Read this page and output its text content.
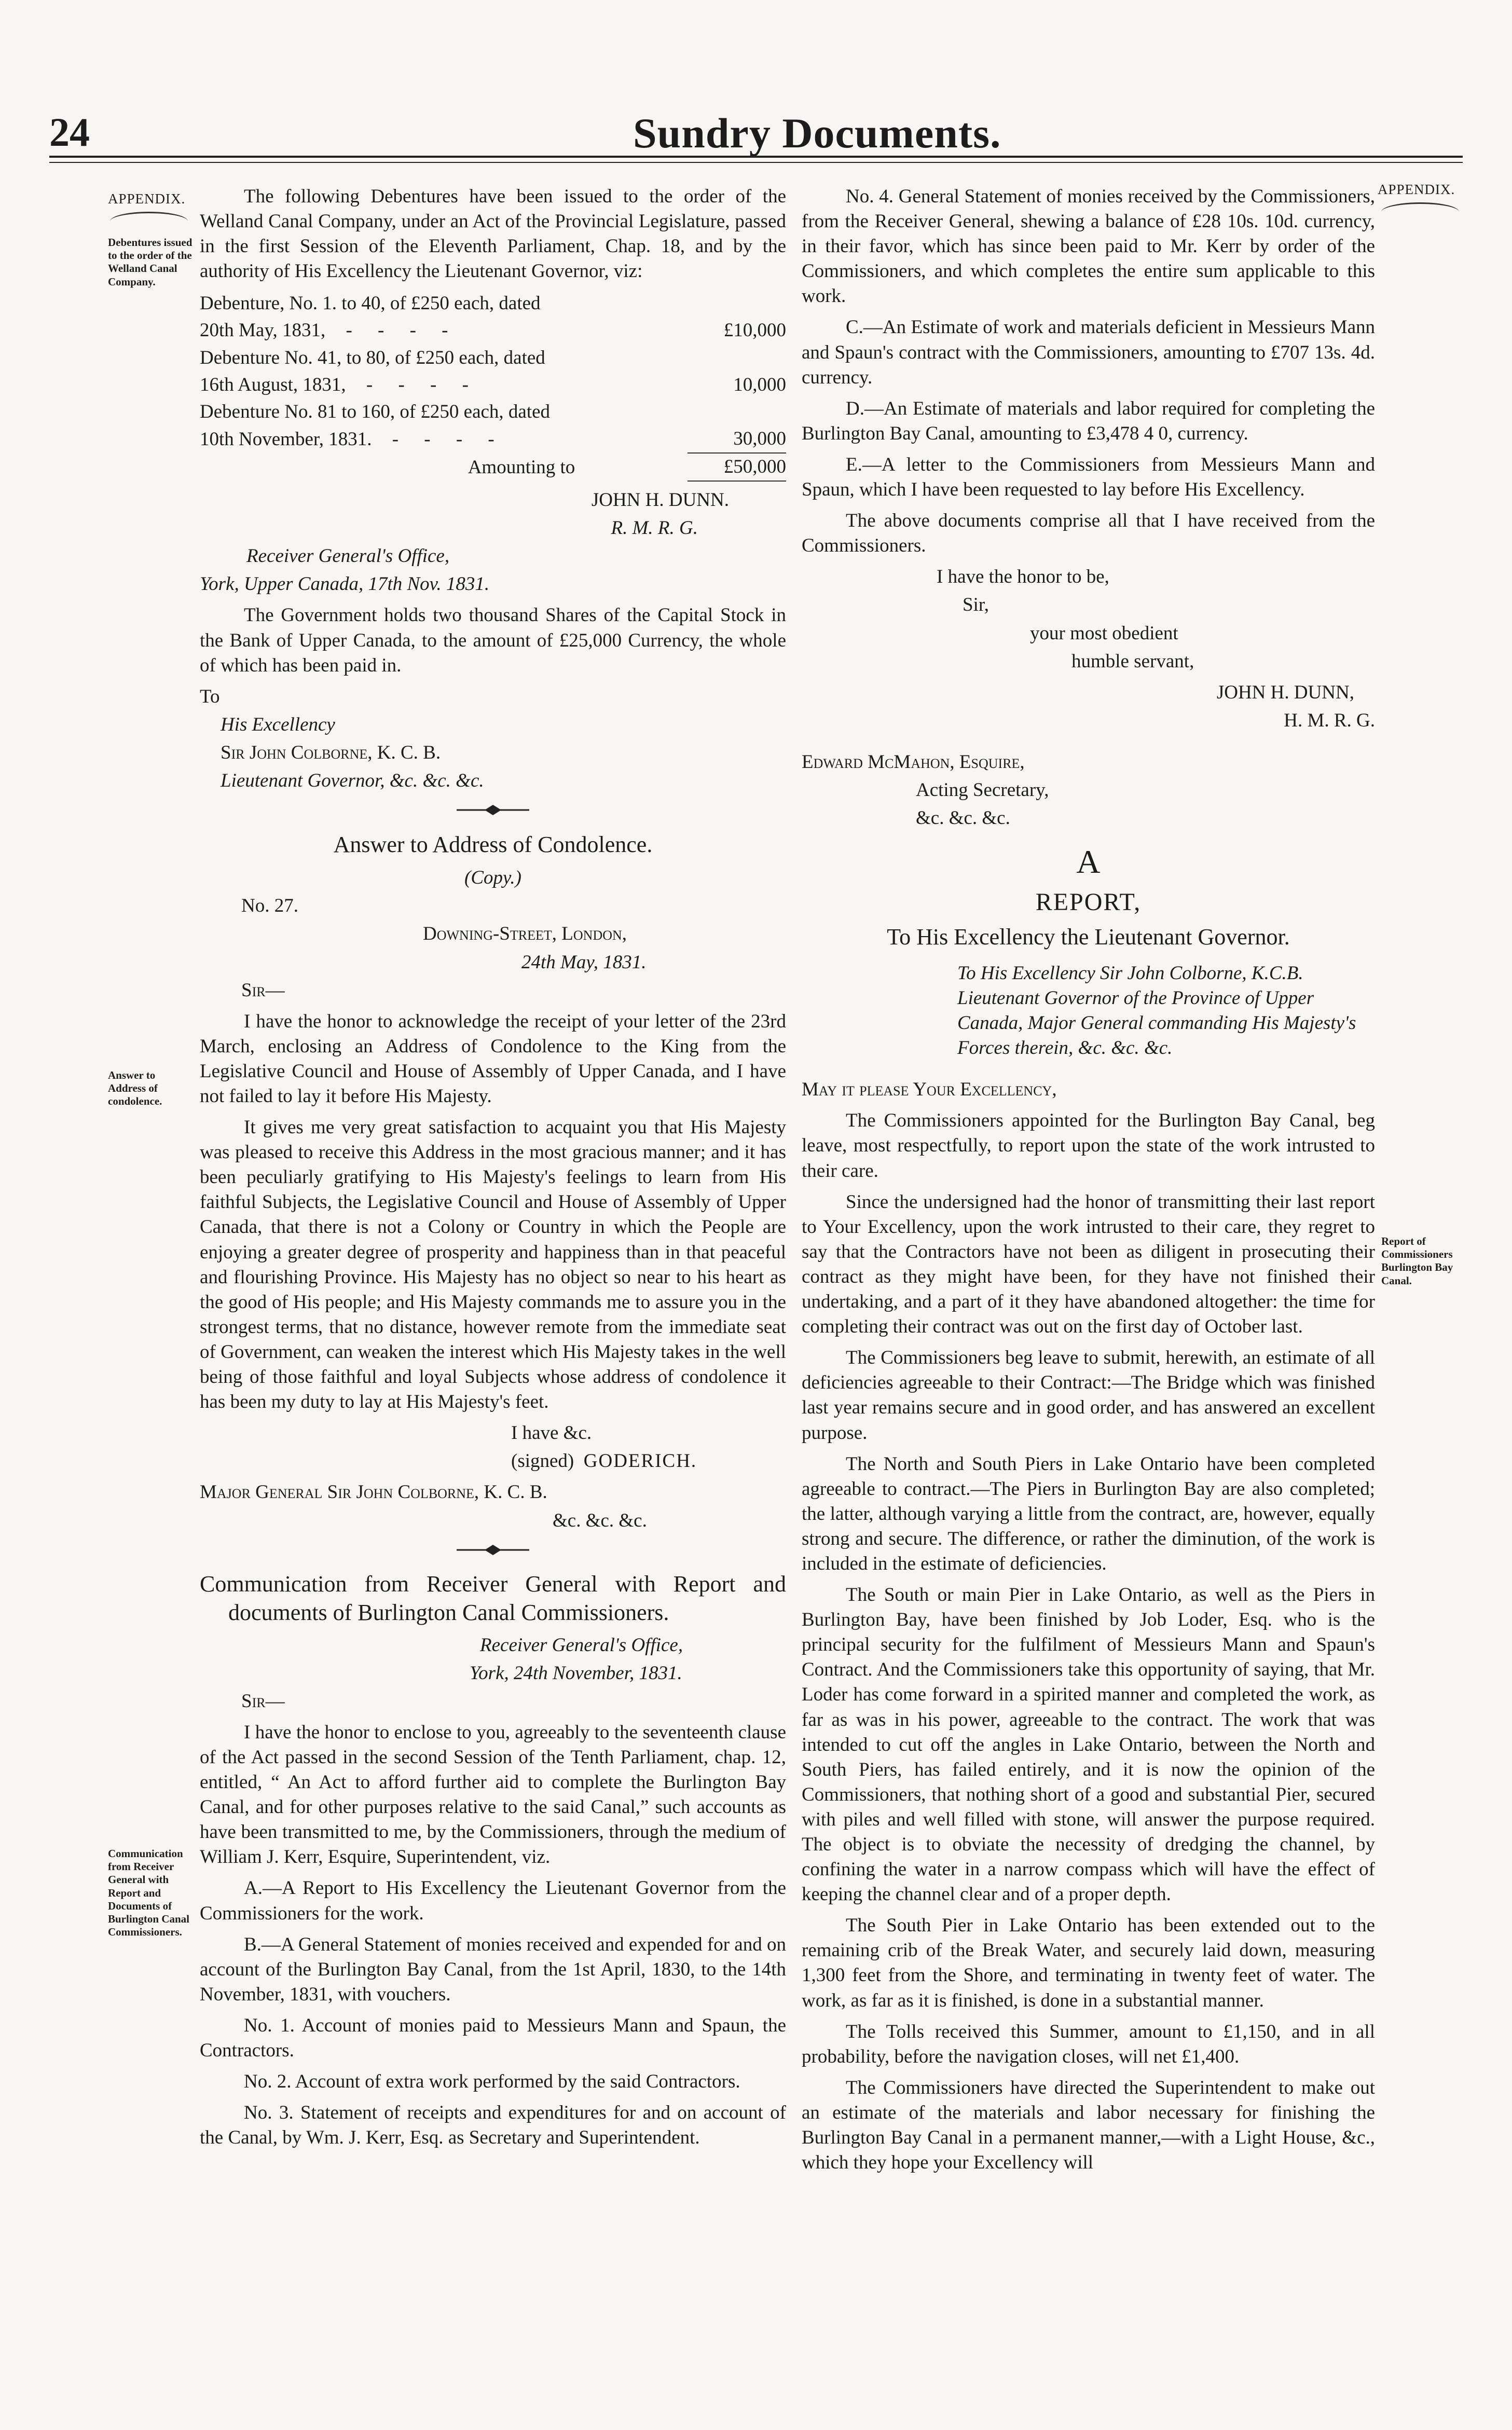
24	Sundry Documents.
APPENDIX.
APPENDIX.
Debentures issued to the order of the Welland Canal Company.
Answer to Address of condolence.
Communication from Receiver General with Report and Documents of Burlington Canal Commissioners.
Report of Commissioners Burlington Bay Canal.

The following Debentures have been issued to the order of the Welland Canal Company, under an Act of the Provincial Legislature, passed in the first Session of the Eleventh Parliament, Chap. 18, and by the authority of His Excellency the Lieutenant Governor, viz:

Debenture, No. 1. to 40, of £250 each, dated	
20th May, 1831, - - - -	£10,000
Debenture No. 41, to 80, of £250 each, dated	
16th August, 1831, - - - -	10,000
Debenture No. 81 to 160, of £250 each, dated	
10th November, 1831. - - - -	30,000
Amounting to	£50,000

JOHN H. DUNN.

R. M. R. G.

Receiver General's Office,

York, Upper Canada, 17th Nov. 1831.

The Government holds two thousand Shares of the Capital Stock in the Bank of Upper Canada, to the amount of £25,000 Currency, the whole of which has been paid in.

To

His Excellency

Sir John Colborne, K. C. B.

Lieutenant Governor, &c. &c. &c.

Answer to Address of Condolence.

(Copy.)

No. 27.

Downing-Street, London,

24th May, 1831.

Sir—

I have the honor to acknowledge the receipt of your letter of the 23rd March, enclosing an Address of Condolence to the King from the Legislative Council and House of Assembly of Upper Canada, and I have not failed to lay it before His Majesty.

It gives me very great satisfaction to acquaint you that His Majesty was pleased to receive this Address in the most gracious manner; and it has been peculiarly gratifying to His Majesty's feelings to learn from His faithful Subjects, the Legislative Council and House of Assembly of Upper Canada, that there is not a Colony or Country in which the People are enjoying a greater degree of prosperity and happiness than in that peaceful and flourishing Province. His Majesty has no object so near to his heart as the good of His people; and His Majesty commands me to assure you in the strongest terms, that no distance, however remote from the immediate seat of Government, can weaken the interest which His Majesty takes in the well being of those faithful and loyal Subjects whose address of condolence it has been my duty to lay at His Majesty's feet.

I have &c.

(signed) GODERICH.

Major General Sir John Colborne, K. C. B.

&c. &c. &c.

Communication from Receiver General with Report and documents of Burlington Canal Commissioners.

Receiver General's Office,

York, 24th November, 1831.

Sir—

I have the honor to enclose to you, agreeably to the seventeenth clause of the Act passed in the second Session of the Tenth Parliament, chap. 12, entitled, “ An Act to afford further aid to complete the Burlington Bay Canal, and for other purposes relative to the said Canal,” such accounts as have been transmitted to me, by the Commissioners, through the medium of William J. Kerr, Esquire, Superintendent, viz.

A.—A Report to His Excellency the Lieutenant Governor from the Commissioners for the work.

B.—A General Statement of monies received and expended for and on account of the Burlington Bay Canal, from the 1st April, 1830, to the 14th November, 1831, with vouchers.

No. 1. Account of monies paid to Messieurs Mann and Spaun, the Contractors.

No. 2. Account of extra work performed by the said Contractors.

No. 3. Statement of receipts and expenditures for and on account of the Canal, by Wm. J. Kerr, Esq. as Secretary and Superintendent.

No. 4. General Statement of monies received by the Commissioners, from the Receiver General, shewing a balance of £28 10s. 10d. currency, in their favor, which has since been paid to Mr. Kerr by order of the Commissioners, and which completes the entire sum applicable to this work.

C.—An Estimate of work and materials deficient in Messieurs Mann and Spaun's contract with the Commissioners, amounting to £707 13s. 4d. currency.

D.—An Estimate of materials and labor required for completing the Burlington Bay Canal, amounting to £3,478 4 0, currency.

E.—A letter to the Commissioners from Messieurs Mann and Spaun, which I have been requested to lay before His Excellency.

The above documents comprise all that I have received from the Commissioners.

I have the honor to be,

Sir,

your most obedient

humble servant,

JOHN H. DUNN,

H. M. R. G.

Edward McMahon, Esquire,

Acting Secretary,

&c. &c. &c.

A

REPORT,

To His Excellency the Lieutenant Governor.

To His Excellency Sir John Colborne, K.C.B. Lieutenant Governor of the Province of Upper Canada, Major General commanding His Majesty's Forces therein, &c. &c. &c.

May it please Your Excellency,

The Commissioners appointed for the Burlington Bay Canal, beg leave, most respectfully, to report upon the state of the work intrusted to their care.

Since the undersigned had the honor of transmitting their last report to Your Excellency, upon the work intrusted to their care, they regret to say that the Contractors have not been as diligent in prosecuting their contract as they might have been, for they have not finished their undertaking, and a part of it they have abandoned altogether: the time for completing their contract was out on the first day of October last.

The Commissioners beg leave to submit, herewith, an estimate of all deficiencies agreeable to their Contract:—The Bridge which was finished last year remains secure and in good order, and has answered an excellent purpose.

The North and South Piers in Lake Ontario have been completed agreeable to contract.—The Piers in Burlington Bay are also completed; the latter, although varying a little from the contract, are, however, equally strong and secure. The difference, or rather the diminution, of the work is included in the estimate of deficiencies.

The South or main Pier in Lake Ontario, as well as the Piers in Burlington Bay, have been finished by Job Loder, Esq. who is the principal security for the fulfilment of Messieurs Mann and Spaun's Contract. And the Commissioners take this opportunity of saying, that Mr. Loder has come forward in a spirited manner and completed the work, as far as was in his power, agreeable to the contract. The work that was intended to cut off the angles in Lake Ontario, between the North and South Piers, has failed entirely, and it is now the opinion of the Commissioners, that nothing short of a good and substantial Pier, secured with piles and well filled with stone, will answer the purpose required. The object is to obviate the necessity of dredging the channel, by confining the water in a narrow compass which will have the effect of keeping the channel clear and of a proper depth.

The South Pier in Lake Ontario has been extended out to the remaining crib of the Break Water, and securely laid down, measuring 1,300 feet from the Shore, and terminating in twenty feet of water. The work, as far as it is finished, is done in a substantial manner.

The Tolls received this Summer, amount to £1,150, and in all probability, before the navigation closes, will net £1,400.

The Commissioners have directed the Superintendent to make out an estimate of the materials and labor necessary for finishing the Burlington Bay Canal in a permanent manner,—with a Light House, &c., which they hope your Excellency will
